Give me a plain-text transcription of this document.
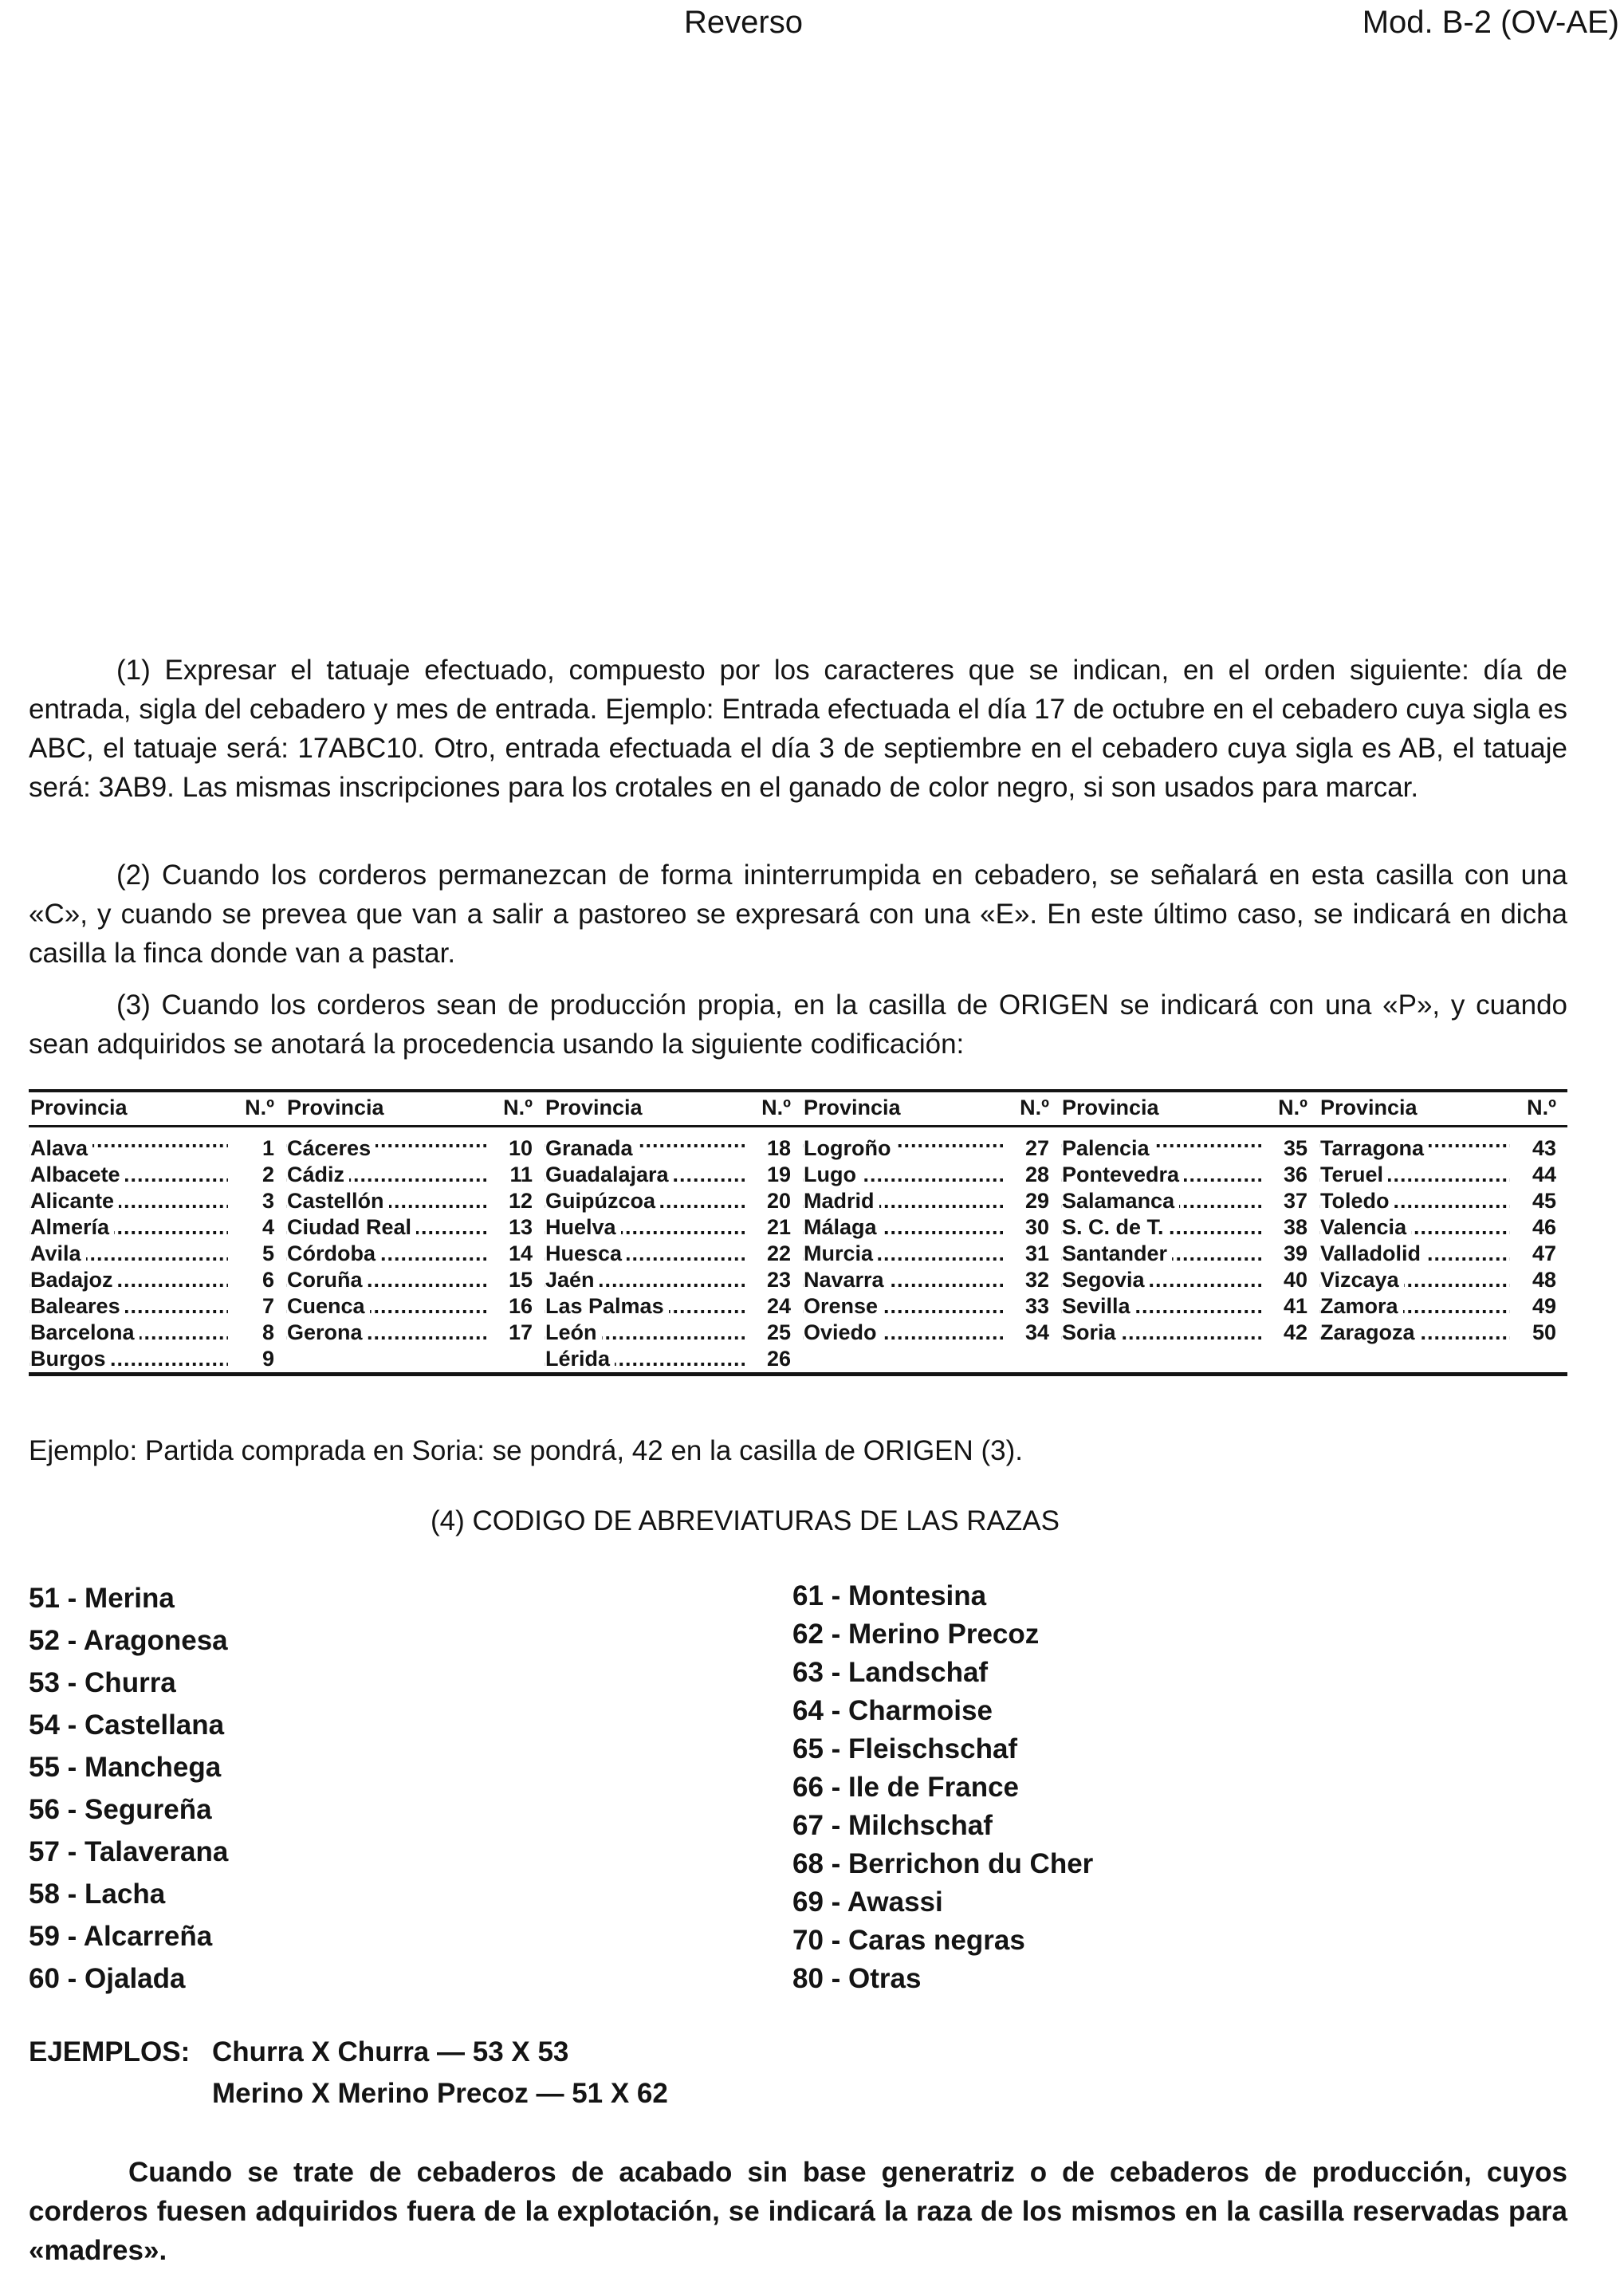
Reverso	Mod. B-2 (OV-AE)

(1) Expresar el tatuaje efectuado, compuesto por los caracteres que se indican, en el orden siguiente: día de entrada, sigla del cebadero y mes de entrada. Ejemplo: Entrada efectuada el día 17 de octubre en el cebadero cuya sigla es ABC, el tatuaje será: 17ABC10. Otro, entrada efectuada el día 3 de septiembre en el cebadero cuya sigla es AB, el tatuaje será: 3AB9. Las mismas inscripciones para los crotales en el ganado de color negro, si son usados para marcar.

(2) Cuando los corderos permanezcan de forma ininterrumpida en cebadero, se señalará en esta casilla con una «C», y cuando se prevea que van a salir a pastoreo se expresará con una «E». En este último caso, se indicará en dicha casilla la finca donde van a pastar.

(3) Cuando los corderos sean de producción propia, en la casilla de ORIGEN se indicará con una «P», y cuando sean adquiridos se anotará la procedencia usando la siguiente codificación:

Provincia	N.º	Provincia	N.º	Provincia	N.º	Provincia	N.º	Provincia	N.º	Provincia	N.º
Alava .....	1	Cáceres .....	10	Granada .....	18	Logroño .....	27	Palencia .....	35	Tarragona .....	43
Albacete .....	2	Cádiz .....	11	Guadalajara .....	19	Lugo .....	28	Pontevedra .....	36	Teruel .....	44
Alicante .....	3	Castellón .....	12	Guipúzcoa .....	20	Madrid .....	29	Salamanca .....	37	Toledo .....	45
Almería .....	4	Ciudad Real .....	13	Huelva .....	21	Málaga .....	30	S. C. de T. .....	38	Valencia .....	46
Avila .....	5	Córdoba .....	14	Huesca .....	22	Murcia .....	31	Santander .....	39	Valladolid .....	47
Badajoz .....	6	Coruña .....	15	Jaén .....	23	Navarra .....	32	Segovia .....	40	Vizcaya .....	48
Baleares .....	7	Cuenca .....	16	Las Palmas .....	24	Orense .....	33	Sevilla .....	41	Zamora .....	49
Barcelona .....	8	Gerona .....	17	León .....	25	Oviedo .....	34	Soria .....	42	Zaragoza .....	50
Burgos .....	9			Lérida .....	26						

Ejemplo: Partida comprada en Soria: se pondrá, 42 en la casilla de ORIGEN (3).

(4) CODIGO DE ABREVIATURAS DE LAS RAZAS
51 - Merina
52 - Aragonesa
53 - Churra
54 - Castellana
55 - Manchega
56 - Segureña
57 - Talaverana
58 - Lacha
59 - Alcarreña
60 - Ojalada
61 - Montesina
62 - Merino Precoz
63 - Landschaf
64 - Charmoise
65 - Fleischschaf
66 - Ile de France
67 - Milchschaf
68 - Berrichon du Cher
69 - Awassi
70 - Caras negras
80 - Otras
EJEMPLOS: Churra X Churra — 53 X 53
Merino X Merino Precoz — 51 X 62

Cuando se trate de cebaderos de acabado sin base generatriz o de cebaderos de producción, cuyos corderos fuesen adquiridos fuera de la explotación, se indicará la raza de los mismos en la casilla reservadas para «madres».
